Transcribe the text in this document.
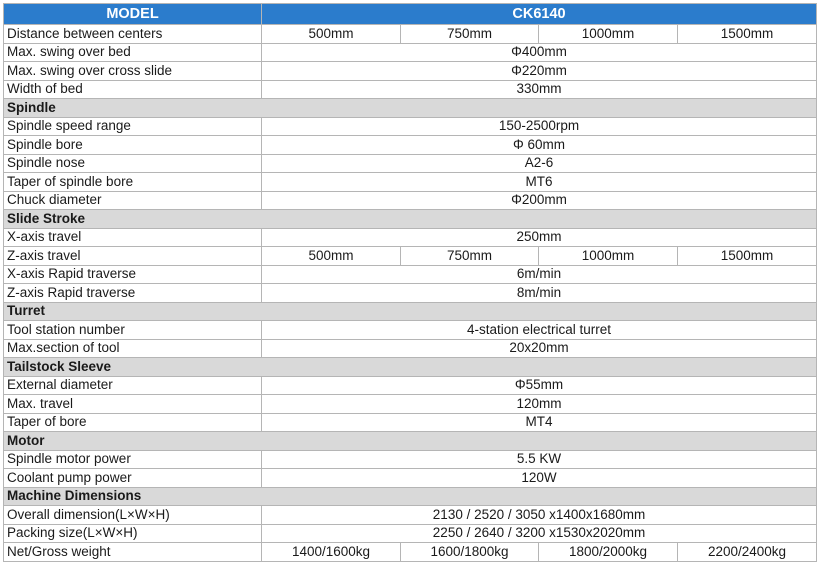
MODEL	CK6140			
Distance between centers	500mm	750mm	1000mm	1500mm
Max. swing over bed	Φ400mm			
Max. swing over cross slide	Φ220mm			
Width of bed	330mm			
Spindle				
Spindle speed range	150-2500rpm			
Spindle bore	Φ 60mm			
Spindle nose	A2-6			
Taper of spindle bore	MT6			
Chuck diameter	Φ200mm			
Slide Stroke				
X-axis travel	250mm			
Z-axis travel	500mm	750mm	1000mm	1500mm
X-axis Rapid traverse	6m/min			
Z-axis Rapid traverse	8m/min			
Turret				
Tool station number	4-station electrical turret			
Max.section of tool	20x20mm			
Tailstock Sleeve				
External diameter	Φ55mm			
Max. travel	120mm			
Taper of bore	MT4			
Motor				
Spindle motor power	5.5 KW			
Coolant pump power	120W			
Machine Dimensions				
Overall dimension(L×W×H)	2130 / 2520 / 3050 x1400x1680mm			
Packing size(L×W×H)	2250 / 2640 / 3200 x1530x2020mm			
Net/Gross weight	1400/1600kg	1600/1800kg	1800/2000kg	2200/2400kg
